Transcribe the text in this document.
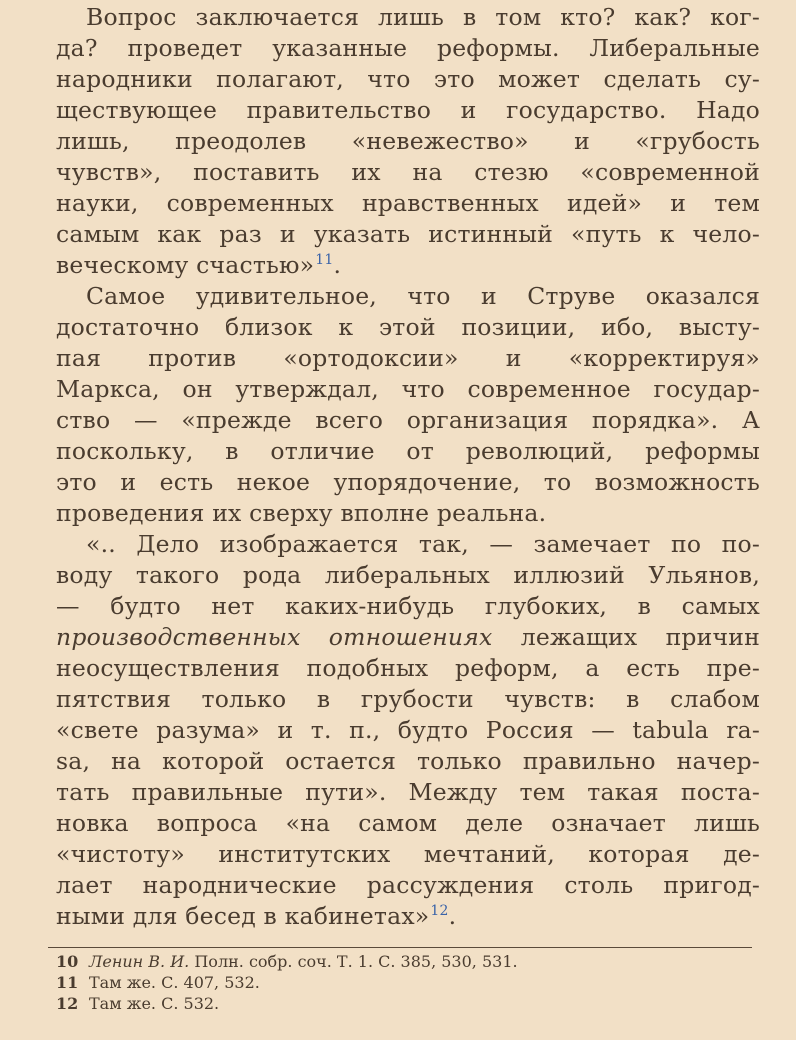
Вопрос заключается лишь в том кто? как? ког-
да? проведет указанные реформы. Либеральные
народники полагают, что это может сделать су-
ществующее правительство и государство. Надо
лишь, преодолев «невежество» и «грубость
чувств», поставить их на стезю «современной
науки, современных нравственных идей» и тем
самым как раз и указать истинный «путь к чело-
веческому счастью»$^{11}$.
Самое удивительное, что и Струве оказался
достаточно близок к этой позиции, ибо, высту-
пая против «ортодоксии» и «корректируя»
Маркса, он утверждал, что современное государ-
ство — «прежде всего организация порядка». А
поскольку, в отличие от революций, реформы
это и есть некое упорядочение, то возможность
проведения их сверху вполне реальна.
«.. Дело изображается так, — замечает по по-
воду такого рода либеральных иллюзий Ульянов,
— будто нет каких-нибудь глубоких, в самых
производственных отношениях лежащих причин
неосуществления подобных реформ, а есть пре-
пятствия только в грубости чувств: в слабом
«свете разума» и т. п., будто Россия — tabula ra-
sa, на которой остается только правильно начер-
тать правильные пути». Между тем такая поста-
новка вопроса «на самом деле означает лишь
«чистоту» институтских мечтаний, которая де-
лает народнические рассуждения столь пригод-
ными для бесед в кабинетах»$^{12}$.
10 Ленин В. И. Полн. собр. соч. Т. 1. С. 385, 530, 531.
11 Там же. С. 407, 532.
12 Там же. С. 532.
